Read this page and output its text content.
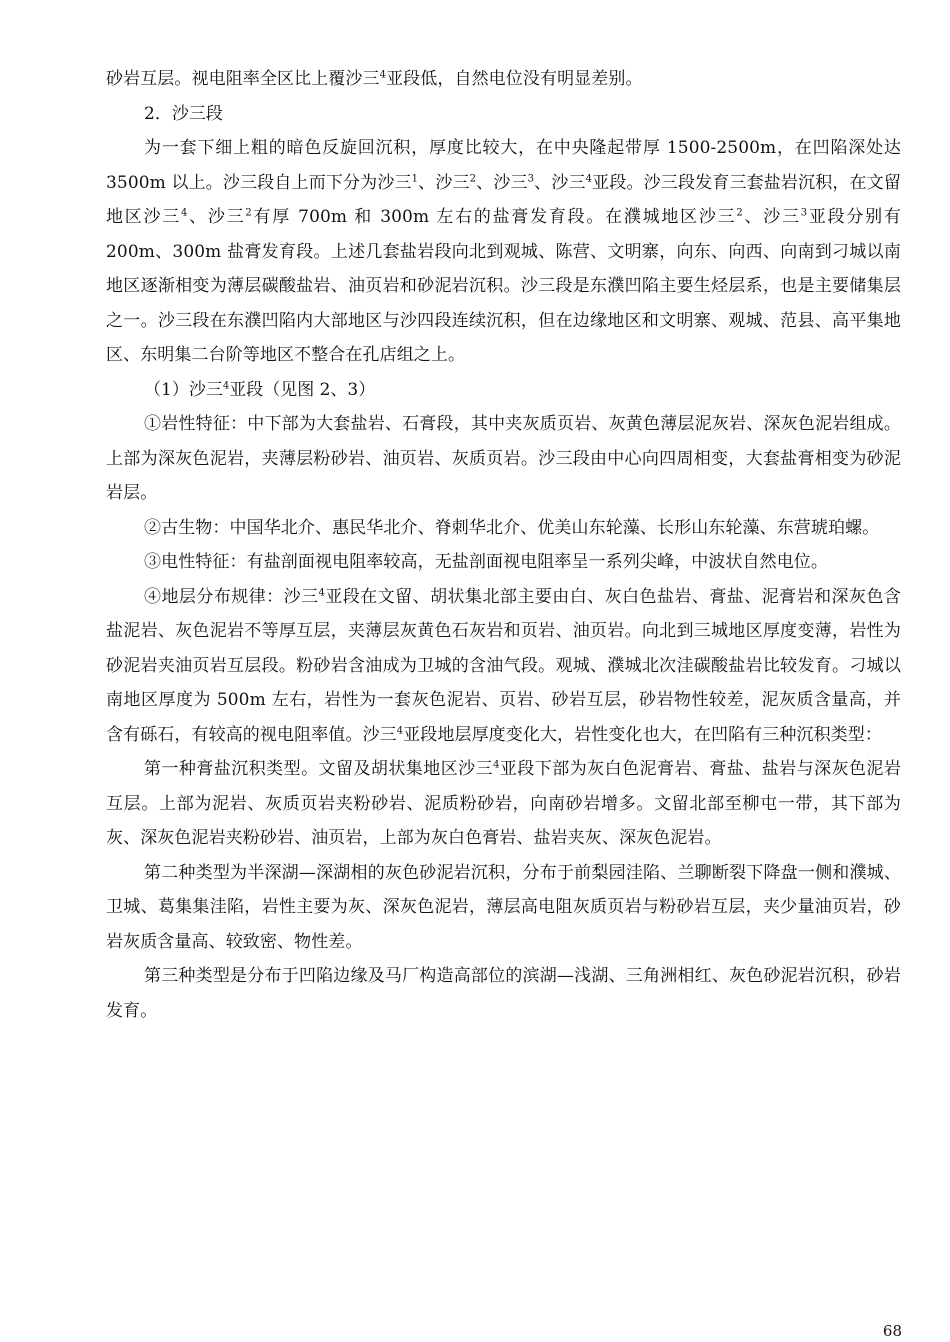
砂岩互层。视电阻率全区比上覆沙三$^4$亚段低，自然电位没有明显差别。

2．沙三段

为一套下细上粗的暗色反旋回沉积，厚度比较大，在中央隆起带厚 1500-2500m，在凹陷深处达 3500m 以上。沙三段自上而下分为沙三$^1$、沙三$^2$、沙三$^3$、沙三$^4$亚段。沙三段发育三套盐岩沉积，在文留地区沙三$^4$、沙三$^2$有厚 700m 和 300m 左右的盐膏发育段。在濮城地区沙三$^2$、沙三$^3$亚段分别有 200m、300m 盐膏发育段。上述几套盐岩段向北到观城、陈营、文明寨，向东、向西、向南到刁城以南地区逐渐相变为薄层碳酸盐岩、油页岩和砂泥岩沉积。沙三段是东濮凹陷主要生烃层系，也是主要储集层之一。沙三段在东濮凹陷内大部地区与沙四段连续沉积，但在边缘地区和文明寨、观城、范县、高平集地区、东明集二台阶等地区不整合在孔店组之上。

（1）沙三$^4$亚段（见图 2、3）

①岩性特征：中下部为大套盐岩、石膏段，其中夹灰质页岩、灰黄色薄层泥灰岩、深灰色泥岩组成。上部为深灰色泥岩，夹薄层粉砂岩、油页岩、灰质页岩。沙三段由中心向四周相变，大套盐膏相变为砂泥岩层。

②古生物：中国华北介、惠民华北介、脊刺华北介、优美山东轮藻、长形山东轮藻、东营琥珀螺。

③电性特征：有盐剖面视电阻率较高，无盐剖面视电阻率呈一系列尖峰，中波状自然电位。

④地层分布规律：沙三$^4$亚段在文留、胡状集北部主要由白、灰白色盐岩、膏盐、泥膏岩和深灰色含盐泥岩、灰色泥岩不等厚互层，夹薄层灰黄色石灰岩和页岩、油页岩。向北到三城地区厚度变薄，岩性为砂泥岩夹油页岩互层段。粉砂岩含油成为卫城的含油气段。观城、濮城北次洼碳酸盐岩比较发育。刁城以南地区厚度为 500m 左右，岩性为一套灰色泥岩、页岩、砂岩互层，砂岩物性较差，泥灰质含量高，并含有砾石，有较高的视电阻率值。沙三$^4$亚段地层厚度变化大，岩性变化也大，在凹陷有三种沉积类型：

第一种膏盐沉积类型。文留及胡状集地区沙三$^4$亚段下部为灰白色泥膏岩、膏盐、盐岩与深灰色泥岩互层。上部为泥岩、灰质页岩夹粉砂岩、泥质粉砂岩，向南砂岩增多。文留北部至柳屯一带，其下部为灰、深灰色泥岩夹粉砂岩、油页岩，上部为灰白色膏岩、盐岩夹灰、深灰色泥岩。

第二种类型为半深湖—深湖相的灰色砂泥岩沉积，分布于前梨园洼陷、兰聊断裂下降盘一侧和濮城、卫城、葛集集洼陷，岩性主要为灰、深灰色泥岩，薄层高电阻灰质页岩与粉砂岩互层，夹少量油页岩，砂岩灰质含量高、较致密、物性差。

第三种类型是分布于凹陷边缘及马厂构造高部位的滨湖—浅湖、三角洲相红、灰色砂泥岩沉积，砂岩发育。

68
